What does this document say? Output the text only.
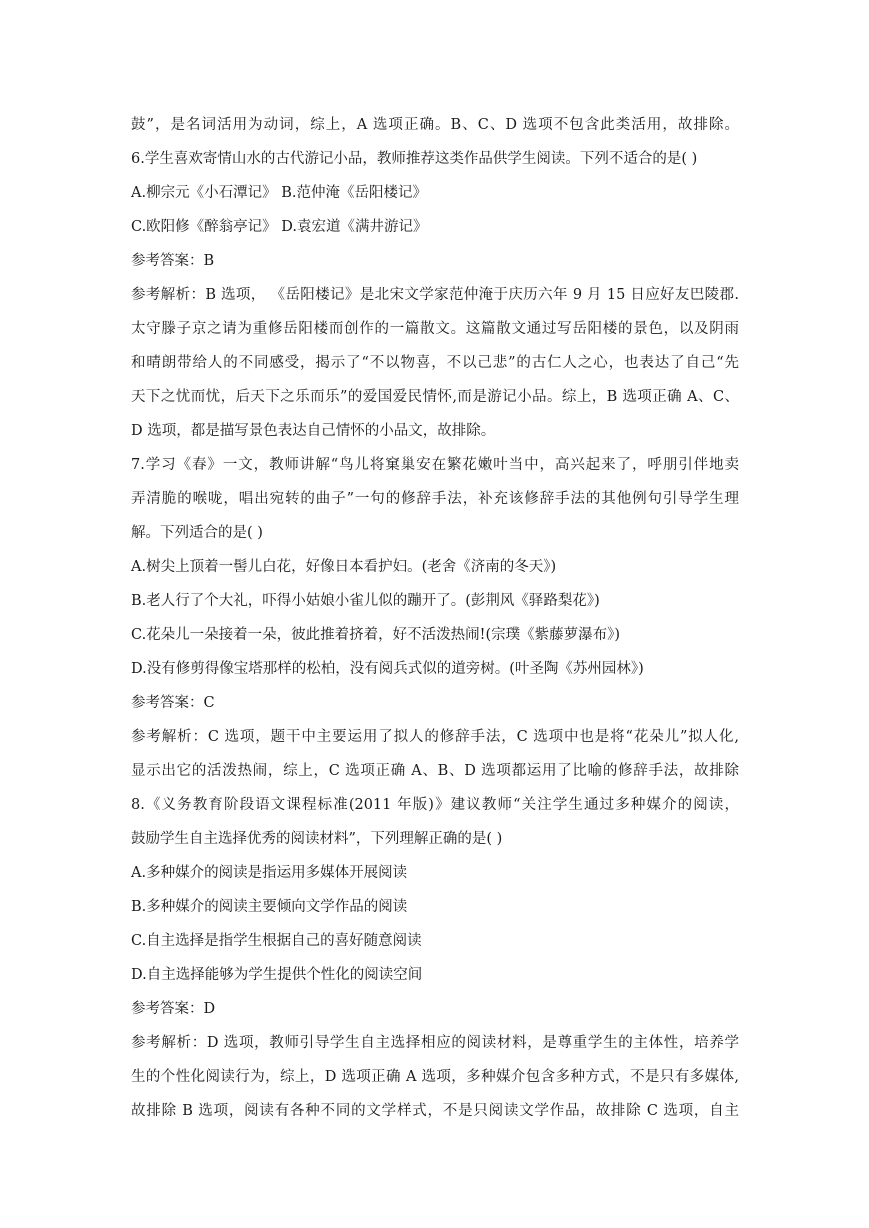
鼓”，是名词活用为动词，综上，A 选项正确。B、C、D 选项不包含此类活用，故排除。
6.学生喜欢寄情山水的古代游记小品，教师推荐这类作品供学生阅读。下列不适合的是( )
A.柳宗元《小石潭记》 B.范仲淹《岳阳楼记》
C.欧阳修《醉翁亭记》 D.袁宏道《满井游记》
参考答案：B
参考解析：B 选项， 《岳阳楼记》是北宋文学家范仲淹于庆历六年 9 月 15 日应好友巴陵郡.
太守滕子京之请为重修岳阳楼而创作的一篇散文。这篇散文通过写岳阳楼的景色，以及阴雨
和晴朗带给人的不同感受，揭示了“不以物喜，不以己悲”的古仁人之心，也表达了自己“先
天下之忧而忧，后天下之乐而乐”的爱国爱民情怀,而是游记小品。综上，B 选项正确 A、C、
D 选项，都是描写景色表达自己情怀的小品文，故排除。
7.学习《春》一文，教师讲解“鸟儿将窠巢安在繁花嫩叶当中，高兴起来了，呼朋引伴地卖
弄清脆的喉咙，唱出宛转的曲子”一句的修辞手法，补充该修辞手法的其他例句引导学生理
解。下列适合的是( )
A.树尖上顶着一髻儿白花，好像日本看护妇。(老舍《济南的冬天》)
B.老人行了个大礼，吓得小姑娘小雀儿似的蹦开了。(彭荆风《驿路梨花》)
C.花朵儿一朵接着一朵，彼此推着挤着，好不活泼热闹!(宗璞《紫藤萝瀑布》)
D.没有修剪得像宝塔那样的松柏，没有阅兵式似的道旁树。(叶圣陶《苏州园林》)
参考答案：C
参考解析：C 选项，题干中主要运用了拟人的修辞手法，C 选项中也是将“花朵儿”拟人化,
显示出它的活泼热闹，综上，C 选项正确 A、B、D 选项都运用了比喻的修辞手法，故排除
8.《义务教育阶段语文课程标准(2011 年版)》建议教师“关注学生通过多种媒介的阅读，
鼓励学生自主选择优秀的阅读材料”，下列理解正确的是( )
A.多种媒介的阅读是指运用多媒体开展阅读
B.多种媒介的阅读主要倾向文学作品的阅读
C.自主选择是指学生根据自己的喜好随意阅读
D.自主选择能够为学生提供个性化的阅读空间
参考答案：D
参考解析：D 选项，教师引导学生自主选择相应的阅读材料，是尊重学生的主体性，培养学
生的个性化阅读行为，综上，D 选项正确 A 选项，多种媒介包含多种方式，不是只有多媒体,
故排除 B 选项，阅读有各种不同的文学样式，不是只阅读文学作品，故排除 C 选项，自主
